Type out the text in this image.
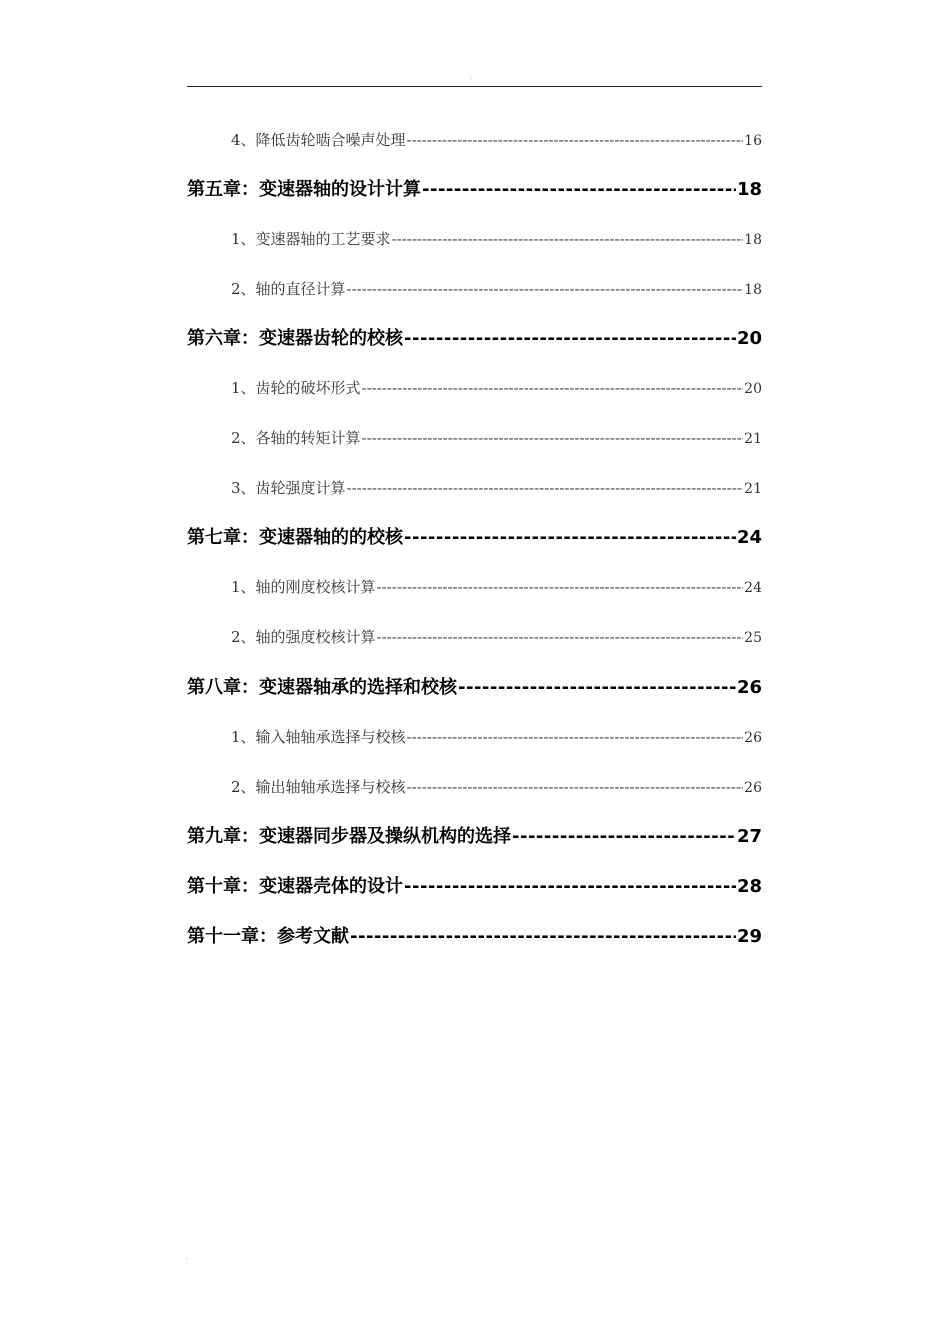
.
4、降低齿轮啮合噪声处理 -----	16
第五章：变速器轴的设计计算 -----	18
1、变速器轴的工艺要求 -----	18
2、轴的直径计算 -----	18
第六章：变速器齿轮的校核 -----	20
1、齿轮的破坏形式 -----	20
2、各轴的转矩计算 -----	21
3、齿轮强度计算 -----	21
第七章：变速器轴的的校核 -----	24
1、轴的刚度校核计算 -----	24
2、轴的强度校核计算 -----	25
第八章：变速器轴承的选择和校核 -----	26
1、输入轴轴承选择与校核 -----	26
2、输出轴轴承选择与校核 -----	26
第九章：变速器同步器及操纵机构的选择 -----	27
第十章：变速器壳体的设计 -----	28
第十一章：参考文献 -----	29
.
